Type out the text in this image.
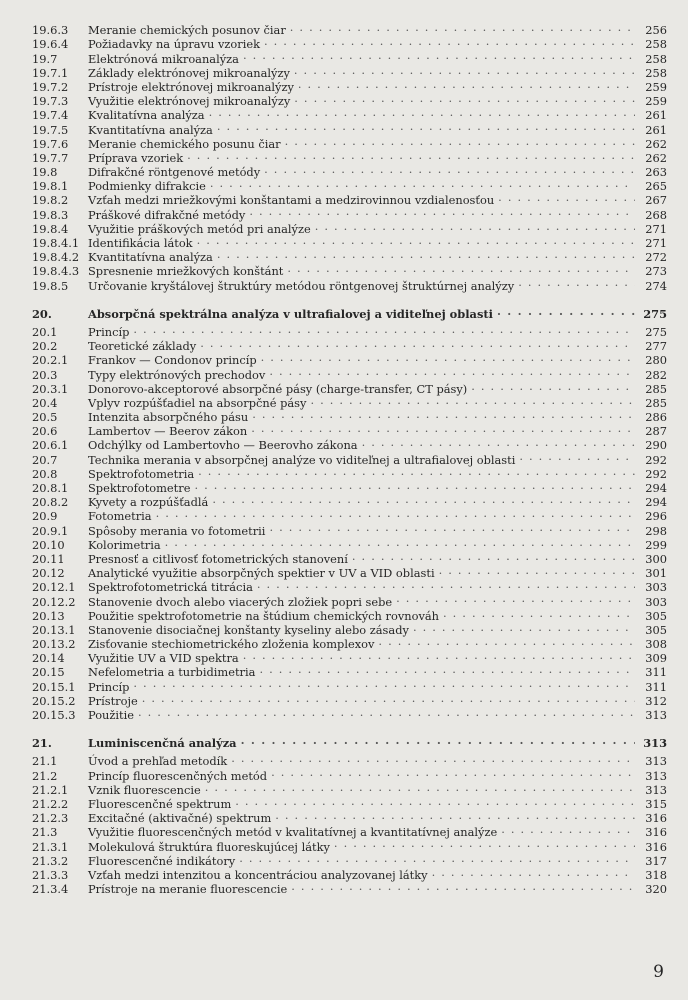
19.6.3	Meranie chemických posunov čiar . . .	256
19.6.4	Požiadavky na úpravu vzoriek . . .	258
19.7	Elektrónová mikroanalýza . . .	258
19.7.1	Základy elektrónovej mikroanalýzy . . .	258
19.7.2	Prístroje elektrónovej mikroanalýzy . . .	259
19.7.3	Využitie elektrónovej mikroanalýzy . . .	259
19.7.4	Kvalitatívna analýza . . .	261
19.7.5	Kvantitatívna analýza . . .	261
19.7.6	Meranie chemického posunu čiar . . .	262
19.7.7	Príprava vzoriek . . .	262
19.8	Difrakčné röntgenové metódy . . .	263
19.8.1	Podmienky difrakcie . . .	265
19.8.2	Vzťah medzi mriežkovými konštantami a medzirovinnou vzdialenosťou . . .	267
19.8.3	Práškové difrakčné metódy . . .	268
19.8.4	Využitie práškových metód pri analýze . . .	271
19.8.4.1 Identifikácia látok . . .	271
19.8.4.2 Kvantitatívna analýza . . .	272
19.8.4.3 Spresnenie mriežkových konštánt . . .	273
19.8.5	Určovanie kryštálovej štruktúry metódou röntgenovej štruktúrnej analýzy . . .	274
20.	Absorpčná spektrálna analýza v ultrafialovej a viditeľnej oblasti . . .	275
20.1	Princíp . . .	275
20.2	Teoretické základy . . .	277
20.2.1	Frankov — Condonov princíp . . .	280
20.3	Typy elektrónových prechodov . . .	282
20.3.1	Donorovo-akceptorové absorpčné pásy (charge-transfer, CT pásy) . . .	285
20.4	Vplyv rozpúšťadiel na absorpčné pásy . . .	285
20.5	Intenzita absorpčného pásu . . .	286
20.6	Lambertov — Beerov zákon . . .	287
20.6.1	Odchýlky od Lambertovho — Beerovho zákona . . .	290
20.7	Technika merania v absorpčnej analýze vo viditeľnej a ultrafialovej oblasti . . .	292
20.8	Spektrofotometria . . .	292
20.8.1	Spektrofotometre . . .	294
20.8.2	Kyvety a rozpúšťadlá . . .	294
20.9	Fotometria . . .	296
20.9.1	Spôsoby merania vo fotometrii . . .	298
20.10	Kolorimetria . . .	299
20.11	Presnosť a citlivosť fotometrických stanovení . . .	300
20.12	Analytické využitie absorpčných spektier v UV a VID oblasti . . .	301
20.12.1	Spektrofotometrická titrácia . . .	303
20.12.2	Stanovenie dvoch alebo viacerých zložiek popri sebe . . .	303
20.13	Použitie spektrofotometrie na štúdium chemických rovnováh . . .	305
20.13.1	Stanovenie disociačnej konštanty kyseliny alebo zásady . . .	305
20.13.2	Zisťovanie stechiometrického zloženia komplexov . . .	308
20.14	Využitie UV a VID spektra . . .	309
20.15	Nefelometria a turbidimetria . . .	311
20.15.1	Princíp . . .	311
20.15.2	Prístroje . . .	312
20.15.3	Použitie . . .	313
21.	Luminiscenčná analýza . . .	313
21.1	Úvod a prehľad metodík . . .	313
21.2	Princíp fluorescenčných metód . . .	313
21.2.1	Vznik fluorescencie . . .	313
21.2.2	Fluorescenčné spektrum . . .	315
21.2.3	Excitačné (aktivačné) spektrum . . .	316
21.3	Využitie fluorescenčných metód v kvalitatívnej a kvantitatívnej analýze . . .	316
21.3.1	Molekulová štruktúra fluoreskujúcej látky . . .	316
21.3.2	Fluorescenčné indikátory . . .	317
21.3.3	Vzťah medzi intenzitou a koncentráciou analyzovanej látky . . .	318
21.3.4	Prístroje na meranie fluorescencie . . .	320
9
